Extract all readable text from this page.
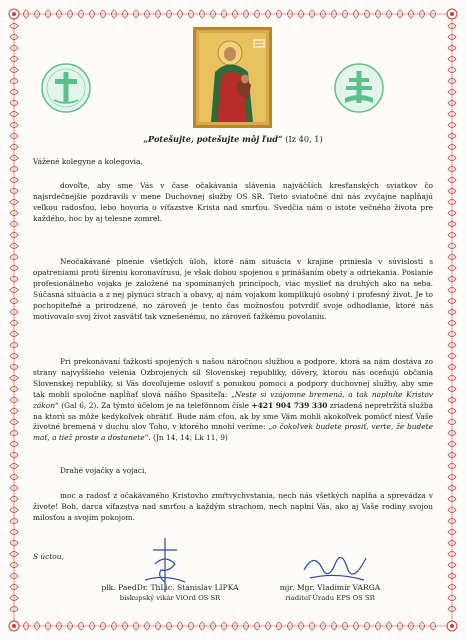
„Potešujte, potešujte môj ľud“ (Iz 40, 1)

Vážené kolegyne a kolegovia,

dovoľte, aby sme Vás v čase očakávania slávenia najväčších kresťanských sviatkov čo najsrdečnejšie pozdravili v mene Duchovnej služby OS SR. Tieto sviatočné dni nás zvyčajne napĺňajú veľkou radosťou, lebo hovoria o víťazstve Krista nad smrťou. Svedčia nám o istote večného života pre každého, hoc by aj telesne zomrel.

Neočakávané plnenie všetkých úloh, ktoré nám situácia v krajine priniesla v súvislosti s opatreniami proti šíreniu koronavírusu, je však dobou spojenou s prinášaním obety a odriekania. Poslanie profesionálneho vojaka je založené na spomínaných princípoch, viac myslieť na druhých ako na seba. Súčasná situácia a z nej plynúci strach a obavy, aj nám vojakom komplikujú osobný i profesný život. Je to pochopiteľné a prirodzené, no zároveň je tento čas možnosťou potvrdiť svoje odhodlanie, ktoré nás motivovalo svoj život zasvätiť tak vznešenému, no zároveň ťažkému povolaniu.

Pri prekonávaní ťažkostí spojených s našou náročnou službou a podpore, ktorá sa nám dostáva zo strany najvyššieho velenia Ozbrojených síl Slovenskej republiky, dôvery, ktorou nás oceňujú občania Slovenskej republiky, si Vás dovoľujeme osloviť s ponukou pomoci a podpory duchovnej služby, aby sme tak mohli spoločne napĺňať slová nášho Spasiteľa: „Neste si vzájomne bremená, a tak naplníte Kristov zákon“ (Gal 6, 2). Za týmto účelom je na telefónnom čísle +421 904 739 330 zriadená nepretržitá služba na ktorú sa môže kedykoľvek obrátiť. Bude nám cťou, ak by sme Vám mohli akokoľvek pomôcť niesť Vaše životné bremená v duchu slov Toho, v ktorého mnohí veríme: „o čokoľvek budete prosiť, verte, že budete mať, a tiež proste a dostanete“. (Jn 14, 14; Lk 11, 9)

Drahé vojačky a vojaci,

moc a radosť z očakávaného Kristovho zmŕtvychvstania, nech nás všetkých naplňa a sprevádza v živote! Boh, darca víťazstva nad smrťou a každým strachom, nech naplní Vás, ako aj Vaše rodiny svojou milosťou a svojím pokojom.

S úctou,
plk. PaedDr. ThLic. Stanislav LIPKA
biskupský vikár ViOrd OS SR
mjr. Mgr. Vladimír VARGA
riaditeľ Úradu EPS OS SR
